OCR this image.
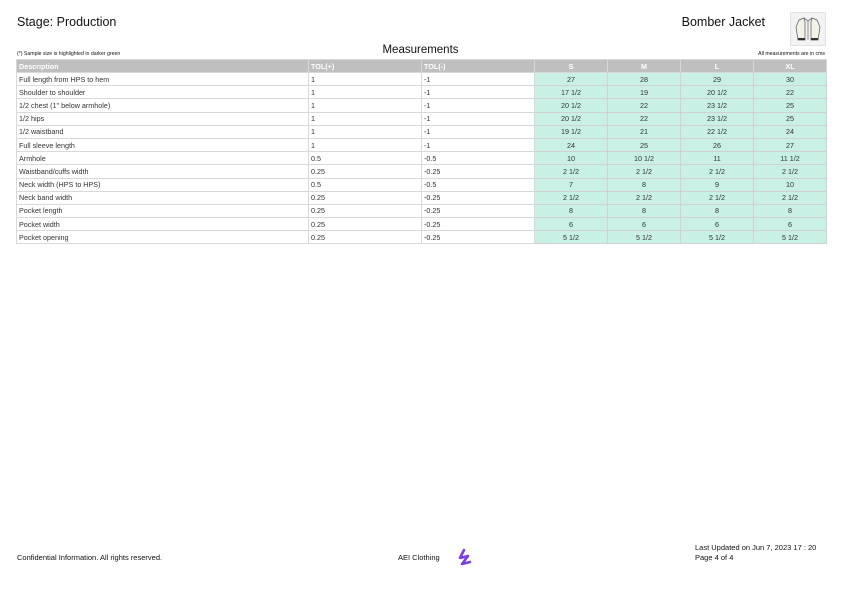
Stage: Production	Bomber Jacket
(*) Sample size is highlighted in darker green	Measurements	All measurements are in cms
Description	TOL(+)	TOL(-)	S	M	L	XL
Full length from HPS to hem	1	-1	27	28	29	30
Shoulder to shoulder	1	-1	17 1/2	19	20 1/2	22
1/2 chest (1" below armhole)	1	-1	20 1/2	22	23 1/2	25
1/2 hips	1	-1	20 1/2	22	23 1/2	25
1/2 waistband	1	-1	19 1/2	21	22 1/2	24
Full sleeve length	1	-1	24	25	26	27
Armhole	0.5	-0.5	10	10 1/2	11	11 1/2
Waistband/cuffs width	0.25	-0.25	2 1/2	2 1/2	2 1/2	2 1/2
Neck width (HPS to HPS)	0.5	-0.5	7	8	9	10
Neck band width	0.25	-0.25	2 1/2	2 1/2	2 1/2	2 1/2
Pocket length	0.25	-0.25	8	8	8	8
Pocket width	0.25	-0.25	6	6	6	6
Pocket opening	0.25	-0.25	5 1/2	5 1/2	5 1/2	5 1/2
Confidential Information. All rights reserved.	AEI Clothing
Last Updated on Jun 7, 2023 17 : 20
Page 4 of 4
